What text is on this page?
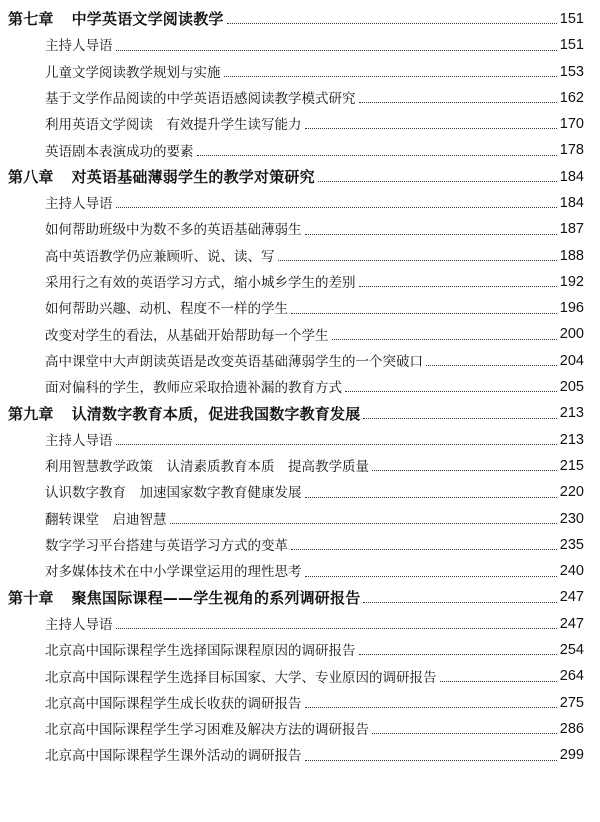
第七章 中学英语文学阅读教学	151
主持人导语	151
儿童文学阅读教学规划与实施	153
基于文学作品阅读的中学英语语感阅读教学模式研究	162
利用英语文学阅读　有效提升学生读写能力	170
英语剧本表演成功的要素	178
第八章 对英语基础薄弱学生的教学对策研究	184
主持人导语	184
如何帮助班级中为数不多的英语基础薄弱生	187
高中英语教学仍应兼顾听、说、读、写	188
采用行之有效的英语学习方式，缩小城乡学生的差别	192
如何帮助兴趣、动机、程度不一样的学生	196
改变对学生的看法，从基础开始帮助每一个学生	200
高中课堂中大声朗读英语是改变英语基础薄弱学生的一个突破口	204
面对偏科的学生，教师应采取拾遗补漏的教育方式	205
第九章 认清数字教育本质，促进我国数字教育发展	213
主持人导语	213
利用智慧教学政策　认清素质教育本质　提高教学质量	215
认识数字教育　加速国家数字教育健康发展	220
翻转课堂　启迪智慧	230
数字学习平台搭建与英语学习方式的变革	235
对多媒体技术在中小学课堂运用的理性思考	240
第十章 聚焦国际课程——学生视角的系列调研报告	247
主持人导语	247
北京高中国际课程学生选择国际课程原因的调研报告	254
北京高中国际课程学生选择目标国家、大学、专业原因的调研报告	264
北京高中国际课程学生成长收获的调研报告	275
北京高中国际课程学生学习困难及解决方法的调研报告	286
北京高中国际课程学生课外活动的调研报告	299
